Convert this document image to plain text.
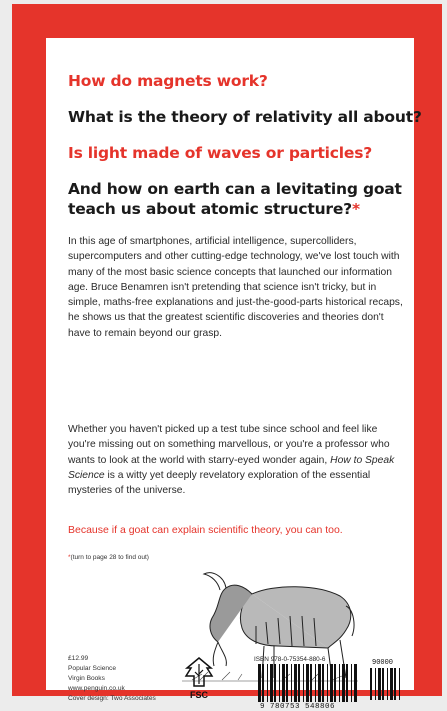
How do magnets work?

What is the theory of relativity all about?

Is light made of waves or particles?

And how on earth can a levitating goat

teach us about atomic structure?*

In this age of smartphones, artificial intelligence, supercolliders, supercomputers and other cutting-edge technology, we've lost touch with many of the most basic science concepts that launched our information age. Bruce Benamren isn't pretending that science isn't tricky, but in simple, maths-free explanations and just-the-good-parts historical recaps, he shows us that the greatest scientific discoveries and theories don't have to remain beyond our grasp.

Whether you haven't picked up a test tube since school and feel like you're missing out on something marvellous, or you're a professor who wants to look at the world with starry-eyed wonder again, How to Speak Science is a witty yet deeply revelatory exploration of the essential mysteries of the universe.

Because if a goat can explain scientific theory, you can too.

*(turn to page 28 to find out)

£12.99
Popular Science
Virgin Books
www.penguin.co.uk
Cover design: Two Associates	FSC

ISBN 978-0-75354-880-6

9 780753 548806

90000
